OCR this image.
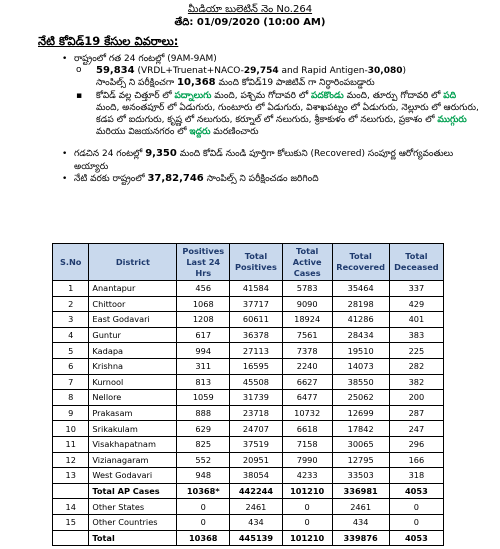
మీడియా బులెటిన్ నెం No.264
తేది: 01/09/2020 (10:00 AM)
నేటి కోవిడ్19 కేసుల వివరాలు:
• రాష్ట్రంలో గత 24 గంటల్లో (9AM-9AM)
o 59,834 (VRDL+Truenat+NACO-29,754 and Rapid Antigen-30,080)
సాంపిల్స్ ని పరీక్షించగా 10,368 మంది కోవిడ్19 పాజిటివ్ గా నిర్ధారింపబడ్డారు
▪ కోవిడ్ వల్ల చిత్తూర్ లో పద్నాలుగు మంది, పశ్చిమ గోదావరి లో పదకొండు మంది, తూర్పు గోదావరి లో పది మంది, అనంతపూర్ లో ఏడుగురు, గుంటూరు లో ఏడుగురు, విశాఖపట్నం లో ఏడుగురు, నెల్లూరు లో ఆరుగురు, కడప లో ఐదుగురు, కృష్ణ లో నలుగురు, కర్నూల్ లో నలుగురు, శ్రీకాకుళం లో నలుగురు, ప్రకాశం లో ముగ్గురు మరియు విజయనగరం లో ఇద్దరు మరణించారు
• గడచిన 24 గంటల్లో 9,350 మంది కోవిడ్ నుండి పూర్తిగా కోలుకుని (Recovered) సంపూర్ణ ఆరోగ్యవంతులు అయ్యారు
• నేటి వరకు రాష్ట్రంలో 37,82,746 సాంపిల్స్ ని పరీక్షించడం జరిగింది
S.No	District	Positives Last 24 Hrs	Total Positives	Total Active Cases	Total Recovered	Total Deceased
1	Anantapur	456	41584	5783	35464	337
2	Chittoor	1068	37717	9090	28198	429
3	East Godavari	1208	60611	18924	41286	401
4	Guntur	617	36378	7561	28434	383
5	Kadapa	994	27113	7378	19510	225
6	Krishna	311	16595	2240	14073	282
7	Kurnool	813	45508	6627	38550	382
8	Nellore	1059	31739	6477	25062	200
9	Prakasam	888	23718	10732	12699	287
10	Srikakulam	629	24707	6618	17842	247
11	Visakhapatnam	825	37519	7158	30065	296
12	Vizianagaram	552	20951	7990	12795	166
13	West Godavari	948	38054	4233	33503	318
	Total AP Cases	10368*	442244	101210	336981	4053
14	Other States	0	2461	0	2461	0
15	Other Countries	0	434	0	434	0
	Total	10368	445139	101210	339876	4053
